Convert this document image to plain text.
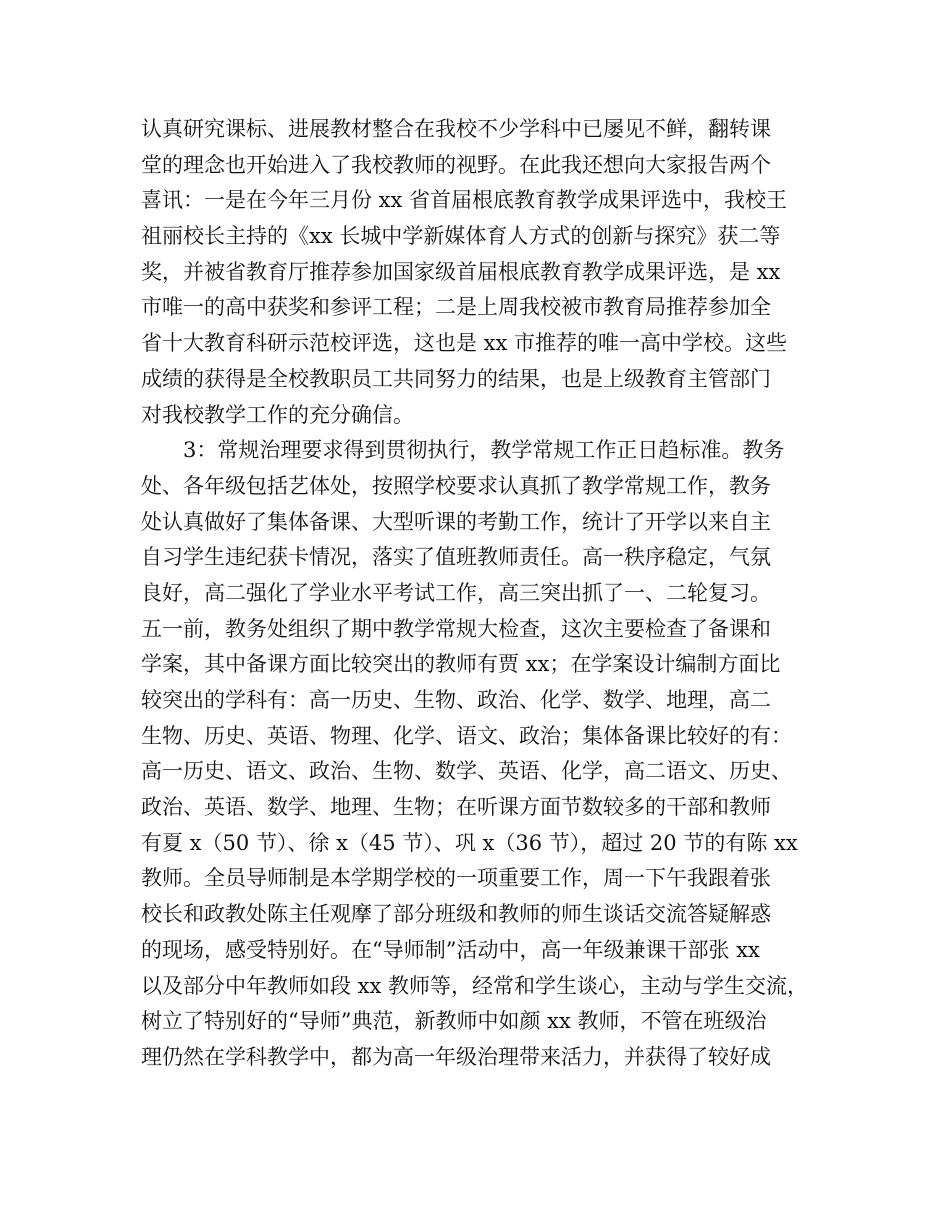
认真研究课标、进展教材整合在我校不少学科中已屡见不鲜，翻转课
堂的理念也开始进入了我校教师的视野。在此我还想向大家报告两个
喜讯：一是在今年三月份 xx 省首届根底教育教学成果评选中，我校王
祖丽校长主持的《xx 长城中学新媒体育人方式的创新与探究》获二等
奖，并被省教育厅推荐参加国家级首届根底教育教学成果评选，是 xx
市唯一的高中获奖和参评工程；二是上周我校被市教育局推荐参加全
省十大教育科研示范校评选，这也是 xx 市推荐的唯一高中学校。这些
成绩的获得是全校教职员工共同努力的结果，也是上级教育主管部门
对我校教学工作的充分确信。
3：常规治理要求得到贯彻执行，教学常规工作正日趋标准。教务
处、各年级包括艺体处，按照学校要求认真抓了教学常规工作，教务
处认真做好了集体备课、大型听课的考勤工作，统计了开学以来自主
自习学生违纪获卡情况，落实了值班教师责任。高一秩序稳定，气氛
良好，高二强化了学业水平考试工作，高三突出抓了一、二轮复习。
五一前，教务处组织了期中教学常规大检查，这次主要检查了备课和
学案，其中备课方面比较突出的教师有贾 xx；在学案设计编制方面比
较突出的学科有：高一历史、生物、政治、化学、数学、地理，高二
生物、历史、英语、物理、化学、语文、政治；集体备课比较好的有：
高一历史、语文、政治、生物、数学、英语、化学，高二语文、历史、
政治、英语、数学、地理、生物；在听课方面节数较多的干部和教师
有夏 x（50 节）、徐 x（45 节）、巩 x（36 节），超过 20 节的有陈 xx
教师。全员导师制是本学期学校的一项重要工作，周一下午我跟着张
校长和政教处陈主任观摩了部分班级和教师的师生谈话交流答疑解惑
的现场，感受特别好。在“导师制”活动中，高一年级兼课干部张 xx
以及部分中年教师如段 xx 教师等，经常和学生谈心，主动与学生交流，
树立了特别好的“导师”典范，新教师中如颜 xx 教师，不管在班级治
理仍然在学科教学中，都为高一年级治理带来活力，并获得了较好成
